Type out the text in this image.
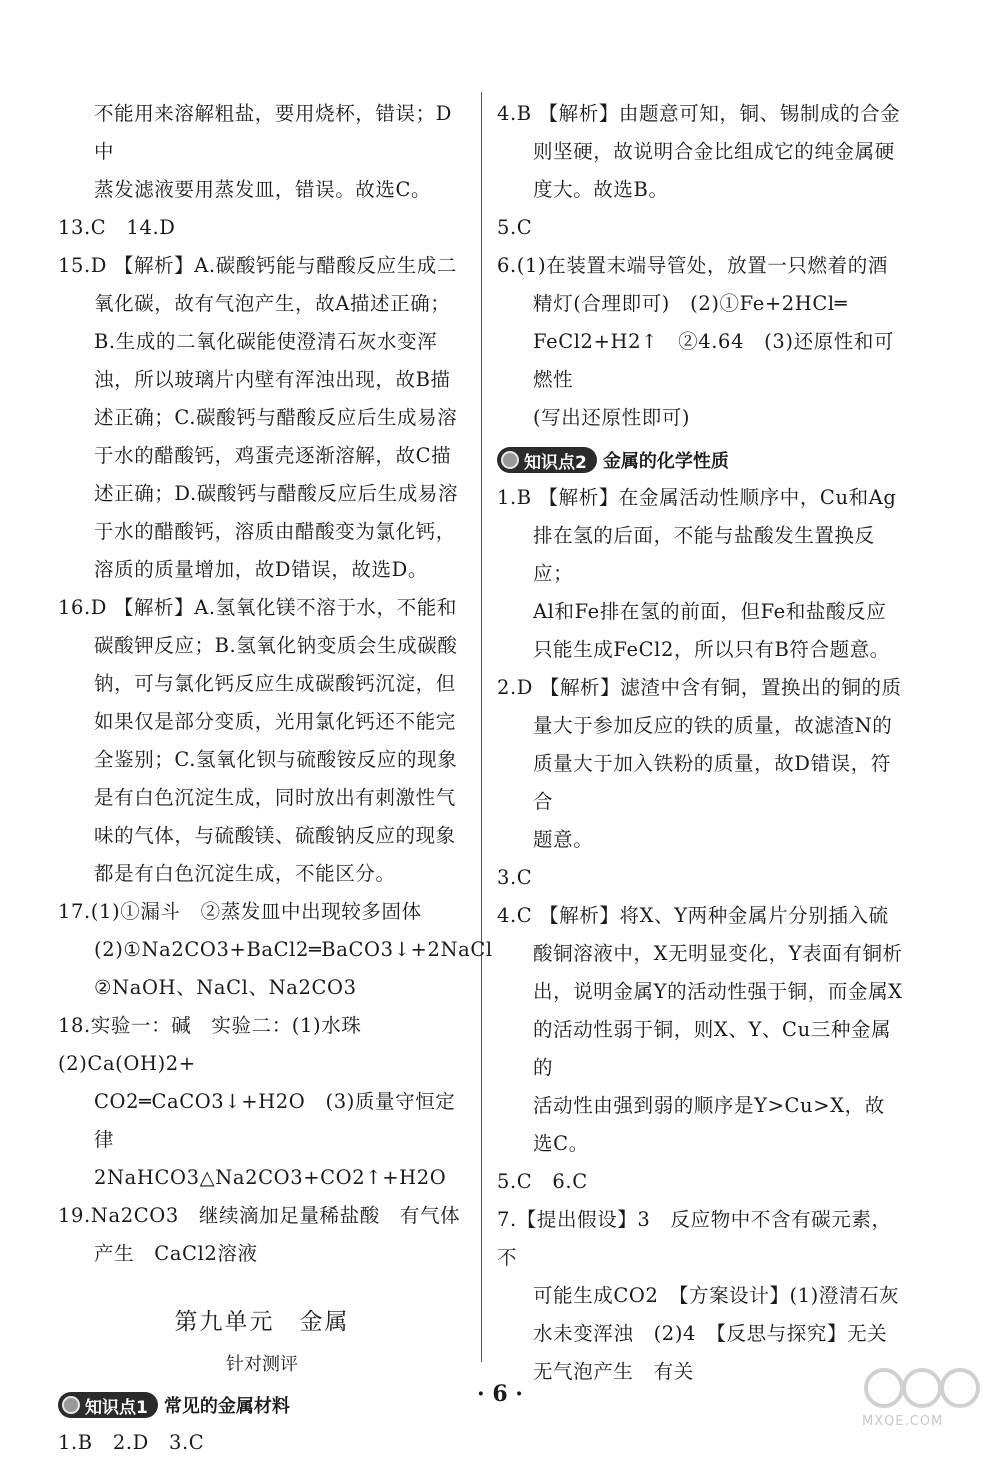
不能用来溶解粗盐，要用烧杯，错误；D中
蒸发滤液要用蒸发皿，错误。故选C。
13.C　14.D
15.D 【解析】A.碳酸钙能与醋酸反应生成二
氧化碳，故有气泡产生，故A描述正确；
B.生成的二氧化碳能使澄清石灰水变浑
浊，所以玻璃片内壁有浑浊出现，故B描
述正确；C.碳酸钙与醋酸反应后生成易溶
于水的醋酸钙，鸡蛋壳逐渐溶解，故C描
述正确；D.碳酸钙与醋酸反应后生成易溶
于水的醋酸钙，溶质由醋酸变为氯化钙，
溶质的质量增加，故D错误，故选D。
16.D 【解析】A.氢氧化镁不溶于水，不能和
碳酸钾反应；B.氢氧化钠变质会生成碳酸
钠，可与氯化钙反应生成碳酸钙沉淀，但
如果仅是部分变质，光用氯化钙还不能完
全鉴别；C.氢氧化钡与硫酸铵反应的现象
是有白色沉淀生成，同时放出有刺激性气
味的气体，与硫酸镁、硫酸钠反应的现象
都是有白色沉淀生成，不能区分。
17.(1)①漏斗　②蒸发皿中出现较多固体
(2)①Na2CO3+BaCl2═BaCO3↓+2NaCl
②NaOH、NaCl、Na2CO3
18.实验一：碱　实验二：(1)水珠　(2)Ca(OH)2+
CO2═CaCO3↓+H2O　(3)质量守恒定
律　2NaHCO3△Na2CO3+CO2↑+H2O
19.Na2CO3　继续滴加足量稀盐酸　有气体
产生　CaCl2溶液
第九单元　金属
针对测评
知识点1 常见的金属材料
1.B　2.D　3.C
4.B 【解析】由题意可知，铜、锡制成的合金
则坚硬，故说明合金比组成它的纯金属硬
度大。故选B。
5.C
6.(1)在装置末端导管处，放置一只燃着的酒
精灯(合理即可)　(2)①Fe+2HCl═
FeCl2+H2↑　②4.64　(3)还原性和可燃性
(写出还原性即可)
知识点2 金属的化学性质
1.B 【解析】在金属活动性顺序中，Cu和Ag
排在氢的后面，不能与盐酸发生置换反应；
Al和Fe排在氢的前面，但Fe和盐酸反应
只能生成FeCl2，所以只有B符合题意。
2.D 【解析】滤渣中含有铜，置换出的铜的质
量大于参加反应的铁的质量，故滤渣N的
质量大于加入铁粉的质量，故D错误，符合
题意。
3.C
4.C 【解析】将X、Y两种金属片分别插入硫
酸铜溶液中，X无明显变化，Y表面有铜析
出，说明金属Y的活动性强于铜，而金属X
的活动性弱于铜，则X、Y、Cu三种金属的
活动性由强到弱的顺序是Y>Cu>X，故
选C。
5.C　6.C
7.【提出假设】3　反应物中不含有碳元素，不
可能生成CO2　【方案设计】(1)澄清石灰
水未变浑浊　(2)4　【反思与探究】无关
无气泡产生　有关
· 6 ·
MXQE.COM
